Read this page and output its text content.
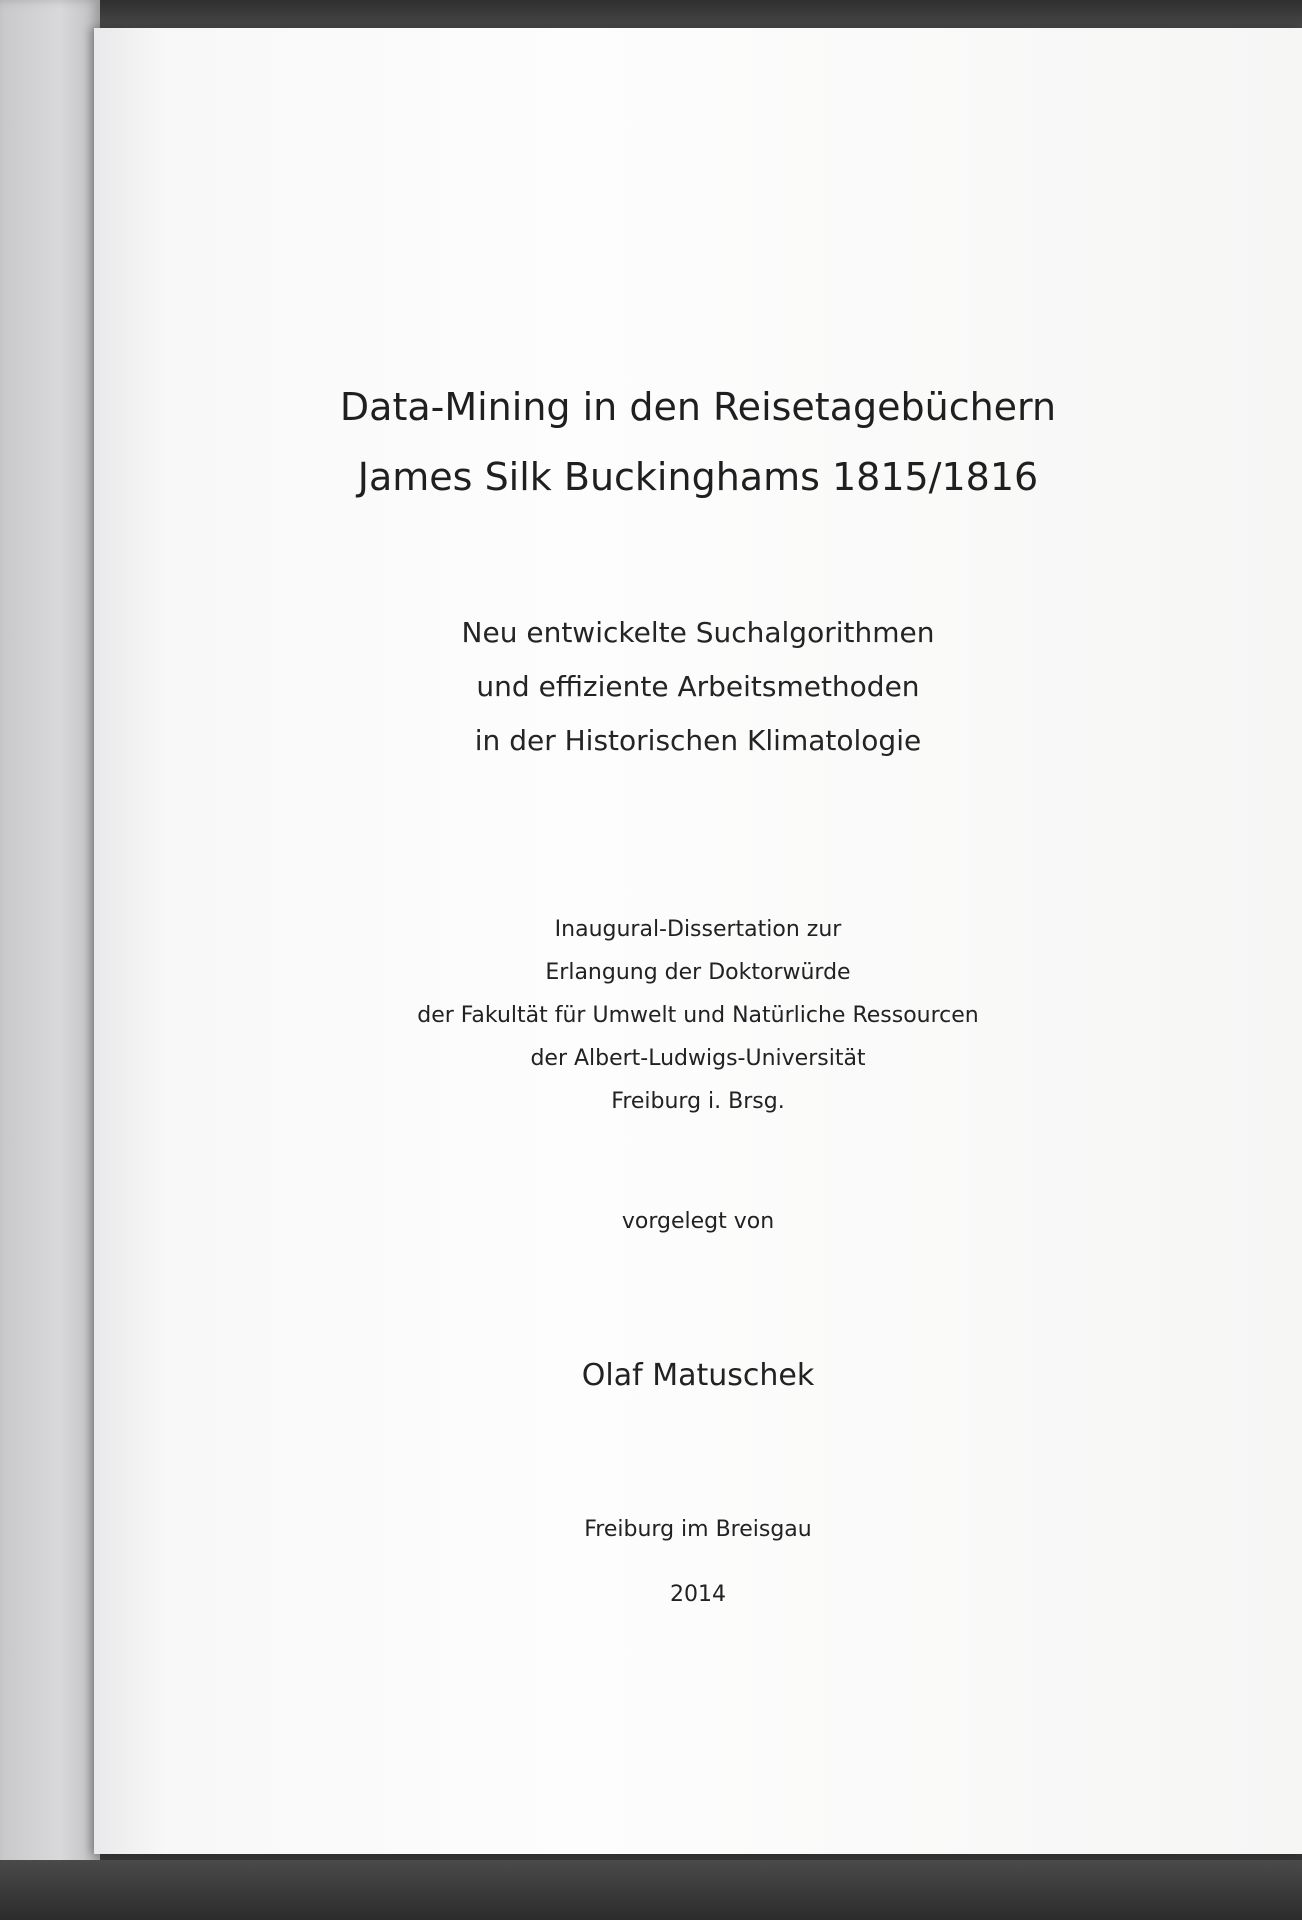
Data-Mining in den Reisetagebüchern
James Silk Buckinghams 1815/1816
Neu entwickelte Suchalgorithmen
und effiziente Arbeitsmethoden
in der Historischen Klimatologie
Inaugural-Dissertation zur
Erlangung der Doktorwürde
der Fakultät für Umwelt und Natürliche Ressourcen
der Albert-Ludwigs-Universität
Freiburg i. Brsg.
vorgelegt von
Olaf Matuschek
Freiburg im Breisgau
2014
